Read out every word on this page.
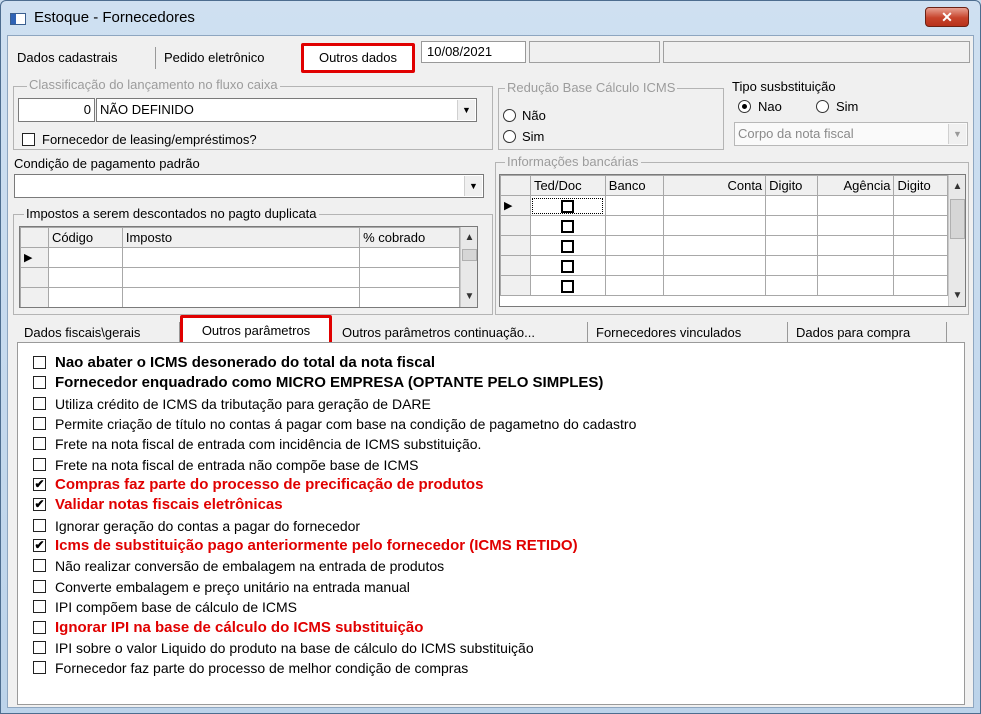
Estoque - Fornecedores	✕
Dados cadastrais	Pedido eletrônico	Outros dados	10/08/2021
Classificação do lançamento no fluxo caixa
0 NÃO DEFINIDO	▼
Fornecedor de leasing/empréstimos?
Redução Base Cálculo ICMS
Não
Sim
Tipo susbstituição
Nao	Sim
Corpo da nota fiscal	▼
Condição de pagamento padrão
▼
Impostos a serem descontados no pagto duplicata
	Código	Imposto	% cobrado
▶			

▲
▼
Informações bancárias
	Ted/Doc	Banco	Conta	Digito	Agência	Digito
▶						

▲
▼
Dados fiscais\gerais	Outros parâmetros	Outros parâmetros continuação...	Fornecedores vinculados	Dados para compra
Nao abater o ICMS desonerado do total da nota fiscal
Fornecedor enquadrado como MICRO EMPRESA (OPTANTE PELO SIMPLES)
Utiliza crédito de ICMS da tributação para geração de DARE
Permite criação de título no contas á pagar com base na condição de pagametno do cadastro
Frete na nota fiscal de entrada com incidência de ICMS substituição.
Frete na nota fiscal de entrada não compõe base de ICMS
✔ Compras faz parte do processo de precificação de produtos
✔ Validar notas fiscais eletrônicas
Ignorar geração do contas a pagar do fornecedor
✔ Icms de substituição pago anteriormente pelo fornecedor (ICMS RETIDO)
Não realizar conversão de embalagem na entrada de produtos
Converte embalagem e preço unitário na entrada manual
IPI compõem base de cálculo de ICMS
Ignorar IPI na base de cálculo do ICMS substituição
IPI sobre o valor Liquido do produto na base de cálculo do ICMS substituição
Fornecedor faz parte do processo de melhor condição de compras
